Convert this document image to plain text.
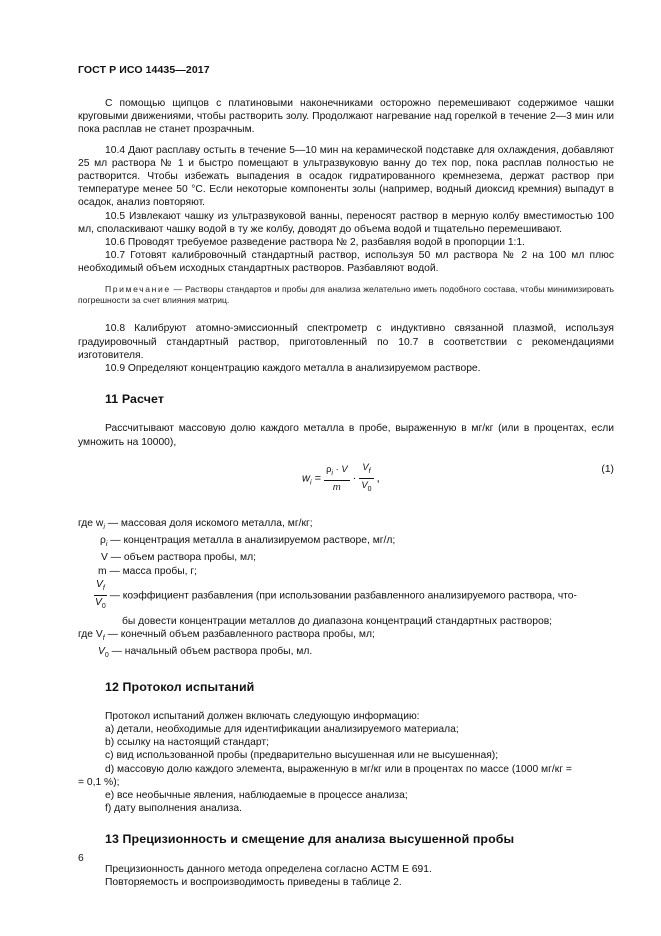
ГОСТ Р ИСО 14435—2017

С помощью щипцов с платиновыми наконечниками осторожно перемешивают содержимое чашки круговыми движениями, чтобы растворить золу. Продолжают нагревание над горелкой в течение 2—3 мин или пока расплав не станет прозрачным.

10.4 Дают расплаву остыть в течение 5—10 мин на керамической подставке для охлаждения, добавляют 25 мл раствора № 1 и быстро помещают в ультразвуковую ванну до тех пор, пока расплав полностью не растворится. Чтобы избежать выпадения в осадок гидратированного кремнезема, держат раствор при температуре менее 50 °С. Если некоторые компоненты золы (например, водный диоксид кремния) выпадут в осадок, анализ повторяют.

10.5 Извлекают чашку из ультразвуковой ванны, переносят раствор в мерную колбу вместимостью 100 мл, споласкивают чашку водой в ту же колбу, доводят до объема водой и тщательно перемешивают.

10.6 Проводят требуемое разведение раствора № 2, разбавляя водой в пропорции 1:1.

10.7 Готовят калибровочный стандартный раствор, используя 50 мл раствора № 2 на 100 мл плюс необходимый объем исходных стандартных растворов. Разбавляют водой.

Примечание — Растворы стандартов и пробы для анализа желательно иметь подобного состава, чтобы минимизировать погрешности за счет влияния матриц.

10.8 Калибруют атомно-эмиссионный спектрометр с индуктивно связанной плазмой, используя градуировочный стандартный раствор, приготовленный по 10.7 в соответствии с рекомендациями изготовителя.

10.9 Определяют концентрацию каждого металла в анализируемом растворе.

11 Расчет

Рассчитывают массовую долю каждого металла в пробе, выраженную в мг/кг (или в процентах, если умножить на 10000),

$w_i = \frac{\rho_i \cdot V}{m} \cdot \frac{V_f}{V_0}$ ,
(1)
где $w_i$ — массовая доля искомого металла, мг/кг;
$\rho_i$ — концентрация металла в анализируемом растворе, мг/л;
V — объем раствора пробы, мл;
m — масса пробы, г;
$\frac{V_f}{V_0}$ — коэффициент разбавления (при использовании разбавленного анализируемого раствора, что-
бы довести концентрации металлов до диапазона концентраций стандартных растворов;
где $V_f$ — конечный объем разбавленного раствора пробы, мл;
$V_0$ — начальный объем раствора пробы, мл.
12 Протокол испытаний

Протокол испытаний должен включать следующую информацию:

а) детали, необходимые для идентификации анализируемого материала;
b) ссылку на настоящий стандарт;
c) вид использованной пробы (предварительно высушенная или не высушенная);
d) массовую долю каждого элемента, выраженную в мг/кг или в процентах по массе (1000 мг/кг =
= 0,1 %);
e) все необычные явления, наблюдаемые в процессе анализа;
f) дату выполнения анализа.
13 Прецизионность и смещение для анализа высушенной пробы

Прецизионность данного метода определена согласно АСТМ Е 691.

Повторяемость и воспроизводимость приведены в таблице 2.

6
